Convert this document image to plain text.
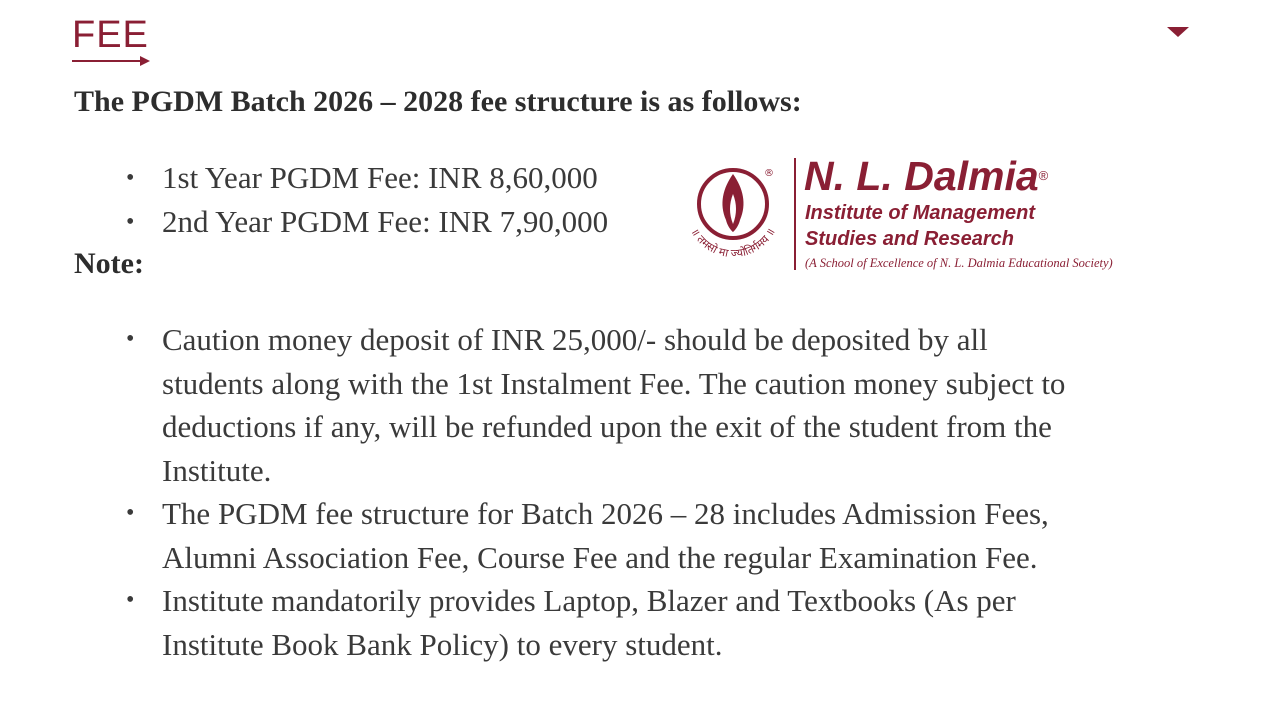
FEE
The PGDM Batch 2026 – 2028 fee structure is as follows:
• 1st Year PGDM Fee: INR 8,60,000
• 2nd Year PGDM Fee: INR 7,90,000
Note:
• Caution money deposit of INR 25,000/- should be deposited by all students along with the 1st Instalment Fee. The caution money subject to deductions if any, will be refunded upon the exit of the student from the Institute.
• The PGDM fee structure for Batch 2026 – 28 includes Admission Fees, Alumni Association Fee, Course Fee and the regular Examination Fee.
• Institute mandatorily provides Laptop, Blazer and Textbooks (As per Institute Book Bank Policy) to every student.
®
॥ तमसो मा ज्योतिर्गमय ॥
N. L. Dalmia®
Institute of Management
Studies and Research
(A School of Excellence of N. L. Dalmia Educational Society)
